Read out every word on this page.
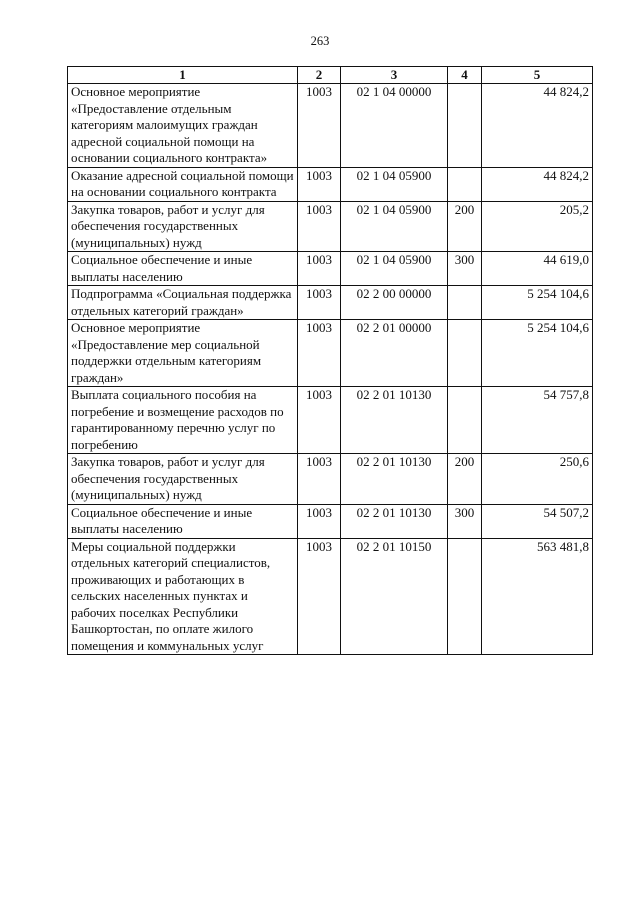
263
1	2	3	4	5
Основное мероприятие «Предоставление отдельным категориям малоимущих граждан адресной социальной помощи на основании социального контракта»	1003	02 1 04 00000		44 824,2
Оказание адресной социальной помощи на основании социального контракта	1003	02 1 04 05900		44 824,2
Закупка товаров, работ и услуг для обеспечения государственных (муниципальных) нужд	1003	02 1 04 05900	200	205,2
Социальное обеспечение и иные выплаты населению	1003	02 1 04 05900	300	44 619,0
Подпрограмма «Социальная поддержка отдельных категорий граждан»	1003	02 2 00 00000		5 254 104,6
Основное мероприятие «Предоставление мер социальной поддержки отдельным категориям граждан»	1003	02 2 01 00000		5 254 104,6
Выплата социального пособия на погребение и возмещение расходов по гарантированному перечню услуг по погребению	1003	02 2 01 10130		54 757,8
Закупка товаров, работ и услуг для обеспечения государственных (муниципальных) нужд	1003	02 2 01 10130	200	250,6
Социальное обеспечение и иные выплаты населению	1003	02 2 01 10130	300	54 507,2
Меры социальной поддержки отдельных категорий специалистов, проживающих и работающих в сельских населенных пунктах и рабочих поселках Республики Башкортостан, по оплате жилого помещения и коммунальных услуг	1003	02 2 01 10150		563 481,8
